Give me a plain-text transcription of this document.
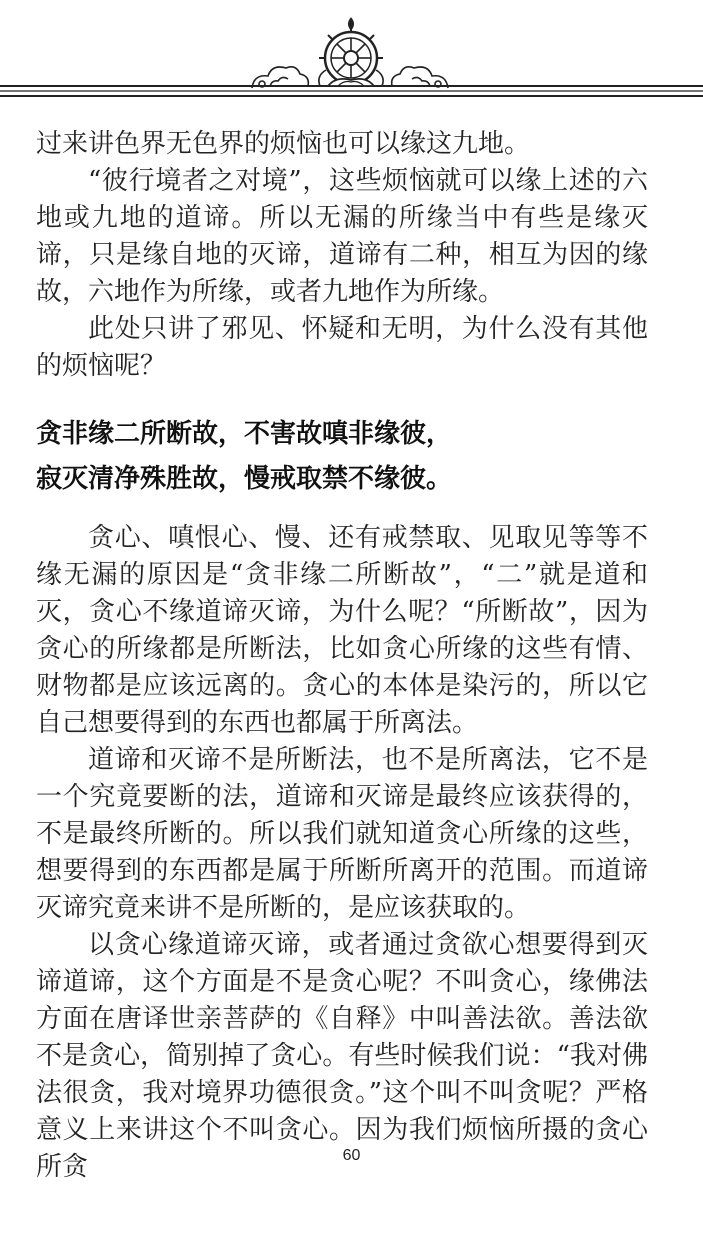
过来讲色界无色界的烦恼也可以缘这九地。

“彼行境者之对境”，这些烦恼就可以缘上述的六地或九地的道谛。所以无漏的所缘当中有些是缘灭谛，只是缘自地的灭谛，道谛有二种，相互为因的缘故，六地作为所缘，或者九地作为所缘。

此处只讲了邪见、怀疑和无明，为什么没有其他的烦恼呢？

贪非缘二所断故，不害故嗔非缘彼，

寂灭清净殊胜故，慢戒取禁不缘彼。

贪心、嗔恨心、慢、还有戒禁取、见取见等等不缘无漏的原因是“贪非缘二所断故”，“二”就是道和灭，贪心不缘道谛灭谛，为什么呢？“所断故”，因为贪心的所缘都是所断法，比如贪心所缘的这些有情、财物都是应该远离的。贪心的本体是染污的，所以它自己想要得到的东西也都属于所离法。

道谛和灭谛不是所断法，也不是所离法，它不是一个究竟要断的法，道谛和灭谛是最终应该获得的，不是最终所断的。所以我们就知道贪心所缘的这些，想要得到的东西都是属于所断所离开的范围。而道谛灭谛究竟来讲不是所断的，是应该获取的。

以贪心缘道谛灭谛，或者通过贪欲心想要得到灭谛道谛，这个方面是不是贪心呢？不叫贪心，缘佛法方面在唐译世亲菩萨的《自释》中叫善法欲。善法欲不是贪心，简别掉了贪心。有些时候我们说：“我对佛法很贪，我对境界功德很贪。”这个叫不叫贪呢？严格意义上来讲这个不叫贪心。因为我们烦恼所摄的贪心所贪	60
